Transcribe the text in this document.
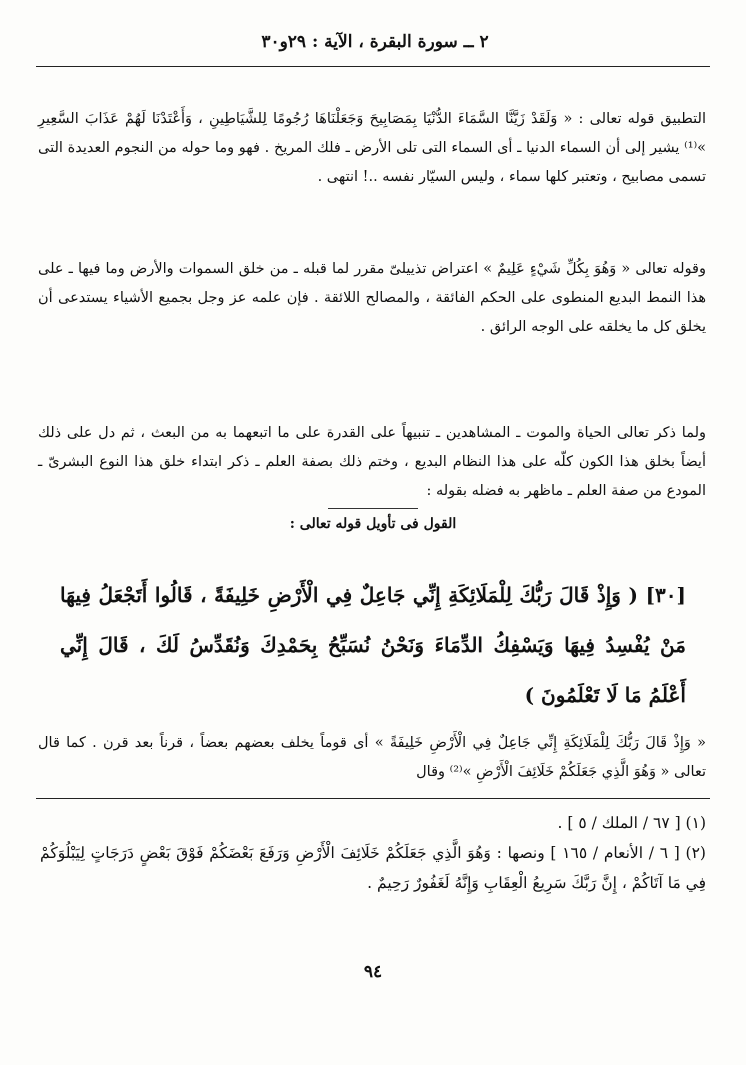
٢ ــ سورة البقرة ، الآية : ٢٩و٣٠

التطبيق قوله تعالى : « وَلَقَدْ زَيَّنَّا السَّمَاءَ الدُّنْيَا بِمَصَابِيحَ وَجَعَلْنَاهَا رُجُومًا لِلشَّيَاطِينِ ، وَأَعْتَدْنَا لَهُمْ عَذَابَ السَّعِيرِ »⁽¹⁾ يشير إلى أن السماء الدنيا ـ أى السماء التى تلى الأرض ـ فلك المريخ . فهو وما حوله من النجوم العديدة التى تسمى مصابيح ، وتعتبر كلها سماء ، وليس السيّار نفسه ..! انتهى .

وقوله تعالى « وَهُوَ بِكُلِّ شَيْءٍ عَلِيمٌ » اعتراض تذييلىّ مقرر لما قبله ـ من خلق السموات والأرض وما فيها ـ على هذا النمط البديع المنطوى على الحكم الفائقة ، والمصالح اللائقة . فإن علمه عز وجل بجميع الأشياء يستدعى أن يخلق كل ما يخلقه على الوجه الرائق .

ولما ذكر تعالى الحياة والموت ـ المشاهدين ـ تنبيهاً على القدرة على ما اتبعهما به من البعث ، ثم دل على ذلك أيضاً بخلق هذا الكون كلّه على هذا النظام البديع ، وختم ذلك بصفة العلم ـ ذكر ابتداء خلق هذا النوع البشرىّ ـ المودع من صفة العلم ـ ماظهر به فضله بقوله :

القول فى تأويل قوله تعالى :

[٣٠] ( وَإِذْ قَالَ رَبُّكَ لِلْمَلَائِكَةِ إِنِّي جَاعِلٌ فِي الْأَرْضِ خَلِيفَةً ، قَالُوا أَتَجْعَلُ فِيهَا مَنْ يُفْسِدُ فِيهَا وَيَسْفِكُ الدِّمَاءَ وَنَحْنُ نُسَبِّحُ بِحَمْدِكَ وَنُقَدِّسُ لَكَ ، قَالَ إِنِّي أَعْلَمُ مَا لَا تَعْلَمُونَ )

« وَإِذْ قَالَ رَبُّكَ لِلْمَلَائِكَةِ إِنِّي جَاعِلٌ فِي الْأَرْضِ خَلِيفَةً » أى قوماً يخلف بعضهم بعضاً ، قرناً بعد قرن . كما قال تعالى « وَهُوَ الَّذِي جَعَلَكُمْ خَلَائِفَ الْأَرْضِ »⁽²⁾ وقال

(١) [ ٦٧ / الملك / ٥ ] .
(٢) [ ٦ / الأنعام / ١٦٥ ] ونصها : وَهُوَ الَّذِي جَعَلَكُمْ خَلَائِفَ الْأَرْضِ وَرَفَعَ بَعْضَكُمْ فَوْقَ بَعْضٍ دَرَجَاتٍ لِيَبْلُوَكُمْ فِي مَا آتَاكُمْ ، إِنَّ رَبَّكَ سَرِيعُ الْعِقَابِ وَإِنَّهُ لَغَفُورٌ رَحِيمٌ .
٩٤
